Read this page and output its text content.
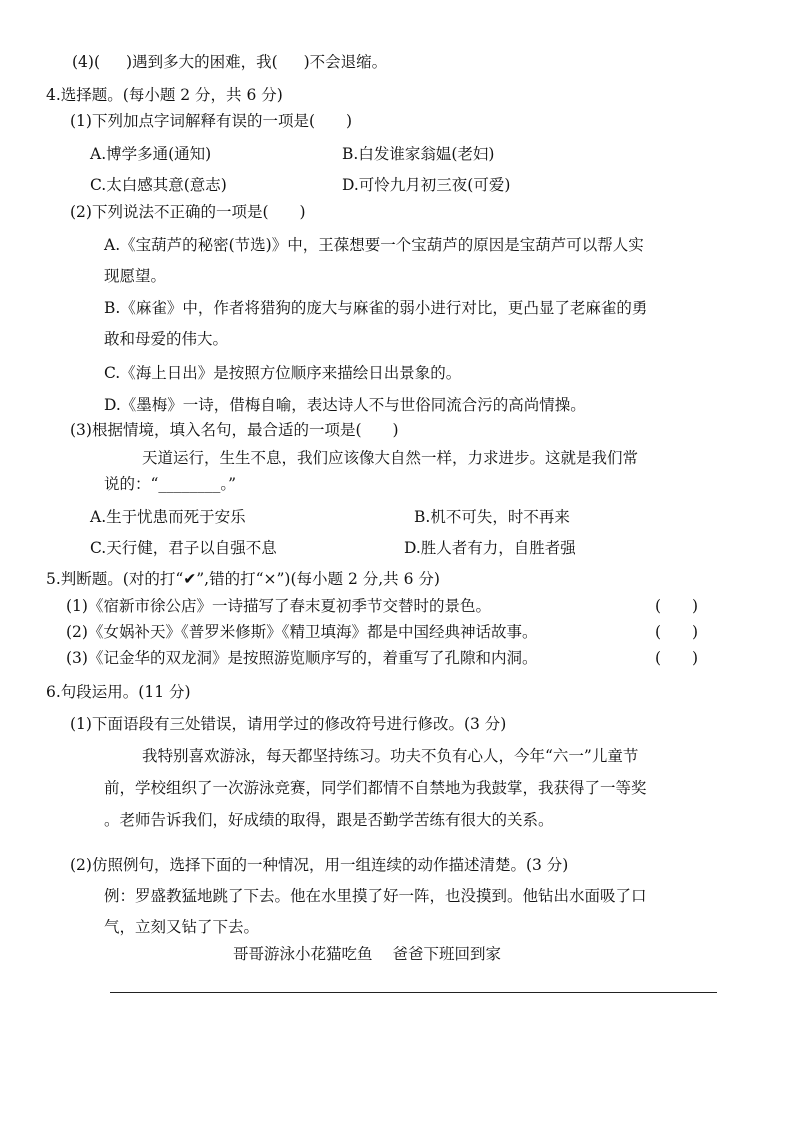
(4)( )遇到多大的困难，我( )不会退缩。
4.选择题。(每小题 2 分，共 6 分)
(1)下列加点字词解释有误的一项是(　　)
A.博学多通(通知)	B.白发谁家翁媪(老妇)
C.太白感其意(意志)	D.可怜九月初三夜(可爱)
(2)下列说法不正确的一项是(　　)
A.《宝葫芦的秘密(节选)》中，王葆想要一个宝葫芦的原因是宝葫芦可以帮人实
现愿望。
B.《麻雀》中，作者将猎狗的庞大与麻雀的弱小进行对比，更凸显了老麻雀的勇
敢和母爱的伟大。
C.《海上日出》是按照方位顺序来描绘日出景象的。
D.《墨梅》一诗，借梅自喻，表达诗人不与世俗同流合污的高尚情操。
(3)根据情境，填入名句，最合适的一项是(　　)
天道运行，生生不息，我们应该像大自然一样，力求进步。这就是我们常
说的：“________。”
A.生于忧患而死于安乐	B.机不可失，时不再来
C.天行健，君子以自强不息	D.胜人者有力，自胜者强
5.判断题。(对的打“✔”,错的打“×”)(每小题 2 分,共 6 分)
(1)《宿新市徐公店》一诗描写了春末夏初季节交替时的景色。	(　　)
(2)《女娲补天》《普罗米修斯》《精卫填海》都是中国经典神话故事。	(　　)
(3)《记金华的双龙洞》是按照游览顺序写的，着重写了孔隙和内洞。	(　　)
6.句段运用。(11 分)
(1)下面语段有三处错误，请用学过的修改符号进行修改。(3 分)
我特别喜欢游泳，每天都坚持练习。功夫不负有心人，今年“六一”儿童节
前，学校组织了一次游泳竞赛，同学们都情不自禁地为我鼓掌，我获得了一等奖
。老师告诉我们，好成绩的取得，跟是否勤学苦练有很大的关系。
(2)仿照例句，选择下面的一种情况，用一组连续的动作描述清楚。(3 分)
例：罗盛教猛地跳了下去。他在水里摸了好一阵，也没摸到。他钻出水面吸了口
气，立刻又钻了下去。
哥哥游泳小花猫吃鱼 爸爸下班回到家
